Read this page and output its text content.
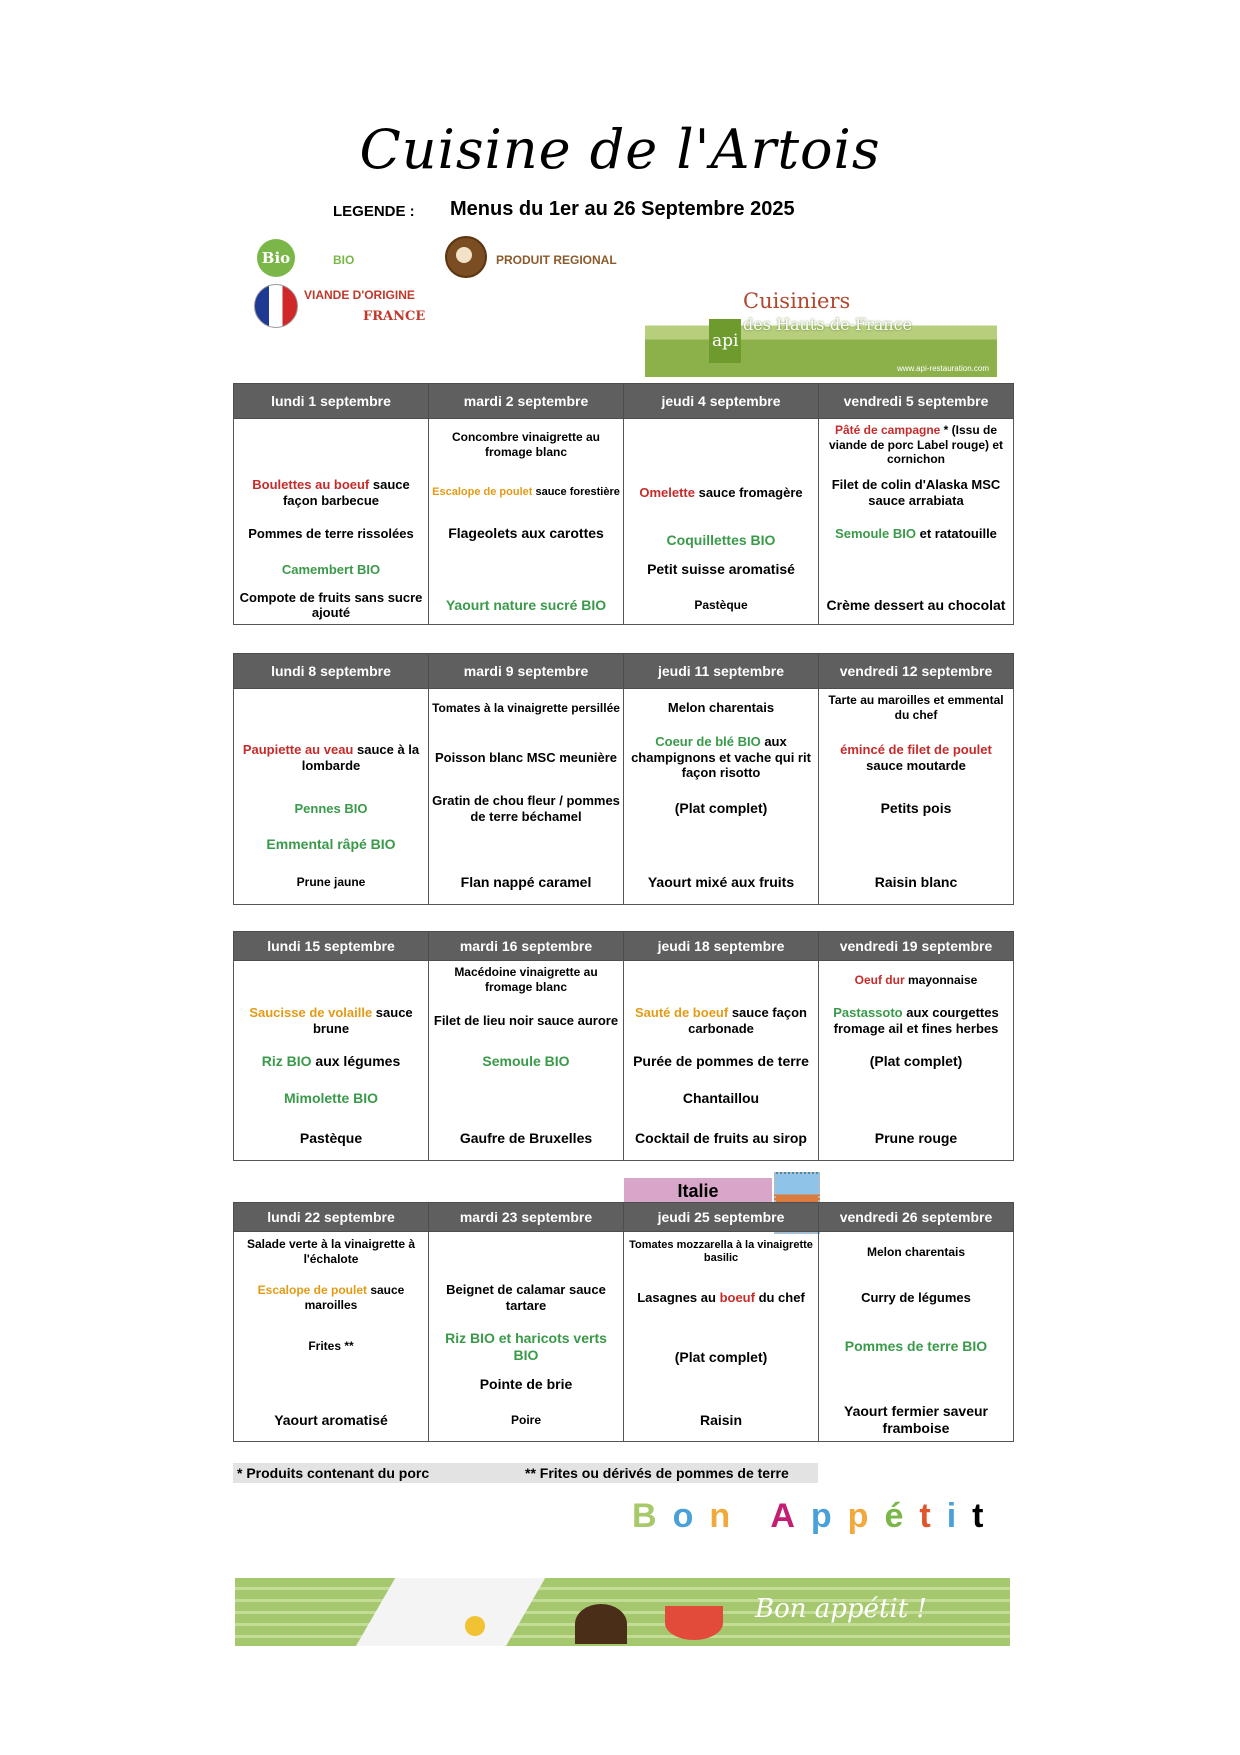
Cuisine de l'Artois
LEGENDE : Menus du 1er au 26 Septembre 2025
Bio	BIO	PRODUIT REGIONAL
VIANDE D'ORIGINE
FRANCE
api
Cuisiniers
des Hauts-de-France
www.api-restauration.com
lundi 1 septembre	mardi 2 septembre	jeudi 4 septembre	vendredi 5 septembre
	Concombre vinaigrette au fromage blanc		Pâté de campagne * (Issu de viande de porc Label rouge) et cornichon
Boulettes au boeuf sauce façon barbecue	Escalope de poulet sauce forestière	Omelette sauce fromagère	Filet de colin d'Alaska MSC sauce arrabiata
Pommes de terre rissolées	Flageolets aux carottes	Coquillettes BIO	Semoule BIO et ratatouille
Camembert BIO		Petit suisse aromatisé	
Compote de fruits sans sucre ajouté	Yaourt nature sucré BIO	Pastèque	Crème dessert au chocolat
lundi 8 septembre	mardi 9 septembre	jeudi 11 septembre	vendredi 12 septembre
	Tomates à la vinaigrette persillée	Melon charentais	Tarte au maroilles et emmental du chef
Paupiette au veau sauce à la lombarde	Poisson blanc MSC meunière	Coeur de blé BIO aux champignons et vache qui rit façon risotto	émincé de filet de poulet sauce moutarde
Pennes BIO	Gratin de chou fleur / pommes de terre béchamel	(Plat complet)	Petits pois
Emmental râpé BIO			
Prune jaune	Flan nappé caramel	Yaourt mixé aux fruits	Raisin blanc
lundi 15 septembre	mardi 16 septembre	jeudi 18 septembre	vendredi 19 septembre
	Macédoine vinaigrette au fromage blanc		Oeuf dur mayonnaise
Saucisse de volaille sauce brune	Filet de lieu noir sauce aurore	Sauté de boeuf sauce façon carbonade	Pastassoto aux courgettes fromage ail et fines herbes
Riz BIO aux légumes	Semoule BIO	Purée de pommes de terre	(Plat complet)
Mimolette BIO		Chantaillou	
Pastèque	Gaufre de Bruxelles	Cocktail de fruits au sirop	Prune rouge
Italie
lundi 22 septembre	mardi 23 septembre	jeudi 25 septembre	vendredi 26 septembre
Salade verte à la vinaigrette à l'échalote		Tomates mozzarella à la vinaigrette basilic	Melon charentais
Escalope de poulet sauce maroilles	Beignet de calamar sauce tartare	Lasagnes au boeuf du chef	Curry de légumes
Frites **	Riz BIO et haricots verts BIO	(Plat complet)	Pommes de terre BIO
	Pointe de brie		
Yaourt aromatisé	Poire	Raisin	Yaourt fermier saveur framboise
* Produits contenant du porc	** Frites ou dérivés de pommes de terre
Bon Appétit
Bon appétit !
